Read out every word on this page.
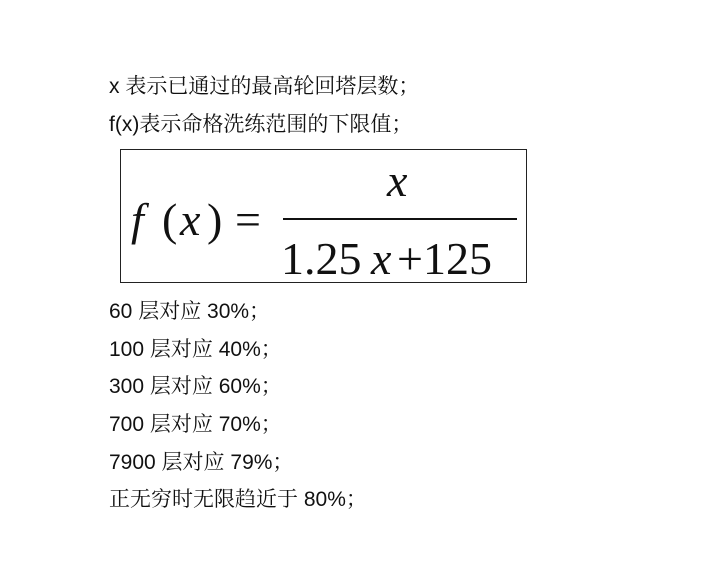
x 表示已通过的最高轮回塔层数；
f(x)表示命格洗练范围的下限值；
f ( x ) =
x
1.25 x +125
60 层对应 30%；
100 层对应 40%；
300 层对应 60%；
700 层对应 70%；
7900 层对应 79%；
正无穷时无限趋近于 80%；
